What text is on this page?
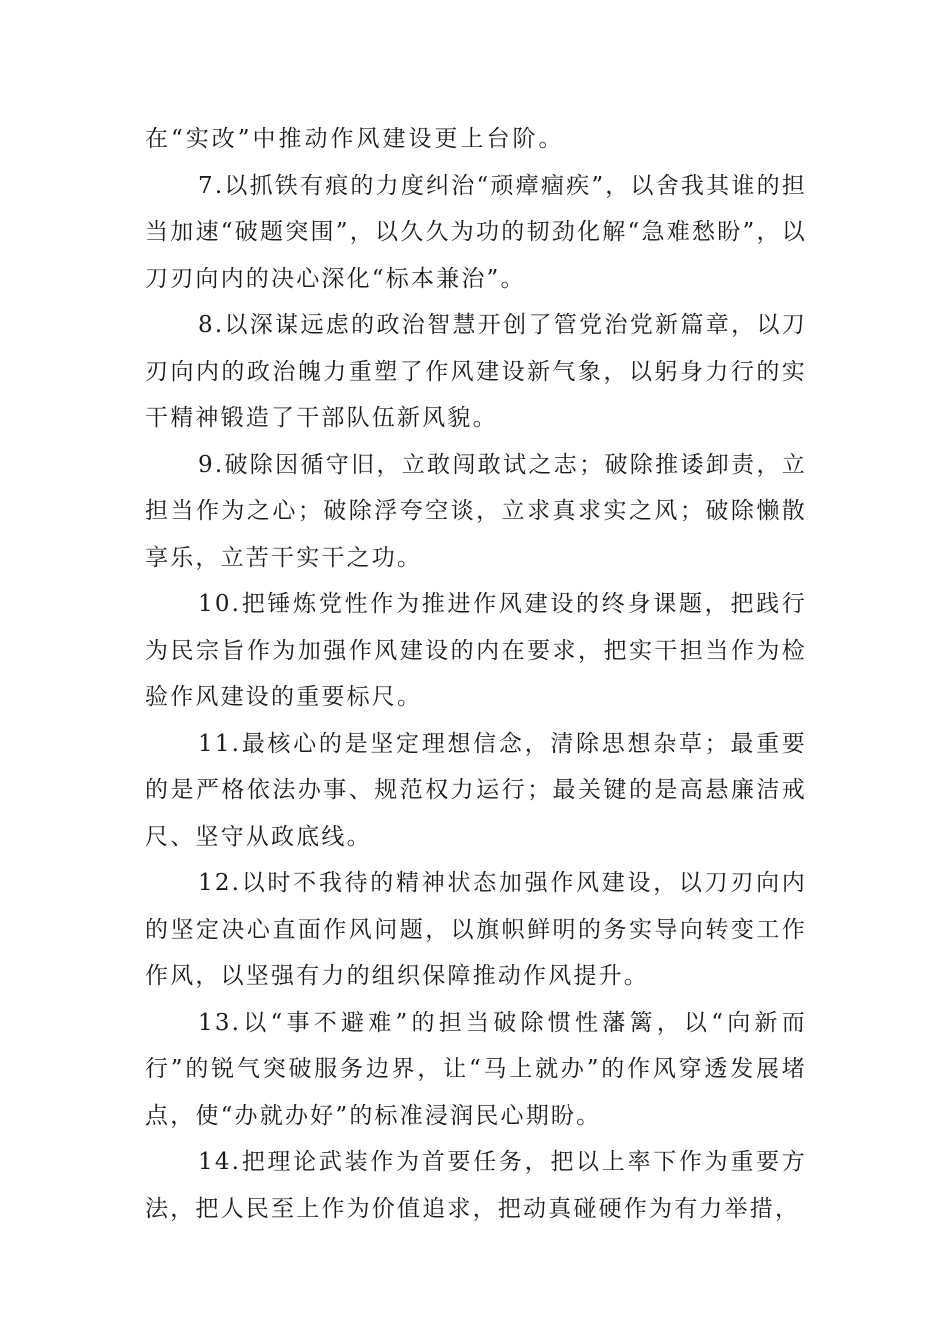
在“实改”中推动作风建设更上台阶。

7.以抓铁有痕的力度纠治“顽瘴痼疾”，以舍我其谁的担当加速“破题突围”，以久久为功的韧劲化解“急难愁盼”，以刀刃向内的决心深化“标本兼治”。

8.以深谋远虑的政治智慧开创了管党治党新篇章，以刀刃向内的政治魄力重塑了作风建设新气象，以躬身力行的实干精神锻造了干部队伍新风貌。

9.破除因循守旧，立敢闯敢试之志；破除推诿卸责，立担当作为之心；破除浮夸空谈，立求真求实之风；破除懒散享乐，立苦干实干之功。

10.把锤炼党性作为推进作风建设的终身课题，把践行为民宗旨作为加强作风建设的内在要求，把实干担当作为检验作风建设的重要标尺。

11.最核心的是坚定理想信念，清除思想杂草；最重要的是严格依法办事、规范权力运行；最关键的是高悬廉洁戒尺、坚守从政底线。

12.以时不我待的精神状态加强作风建设，以刀刃向内的坚定决心直面作风问题，以旗帜鲜明的务实导向转变工作作风，以坚强有力的组织保障推动作风提升。

13.以“事不避难”的担当破除惯性藩篱，以“向新而行”的锐气突破服务边界，让“马上就办”的作风穿透发展堵点，使“办就办好”的标准浸润民心期盼。

14.把理论武装作为首要任务，把以上率下作为重要方法，把人民至上作为价值追求，把动真碰硬作为有力举措，
